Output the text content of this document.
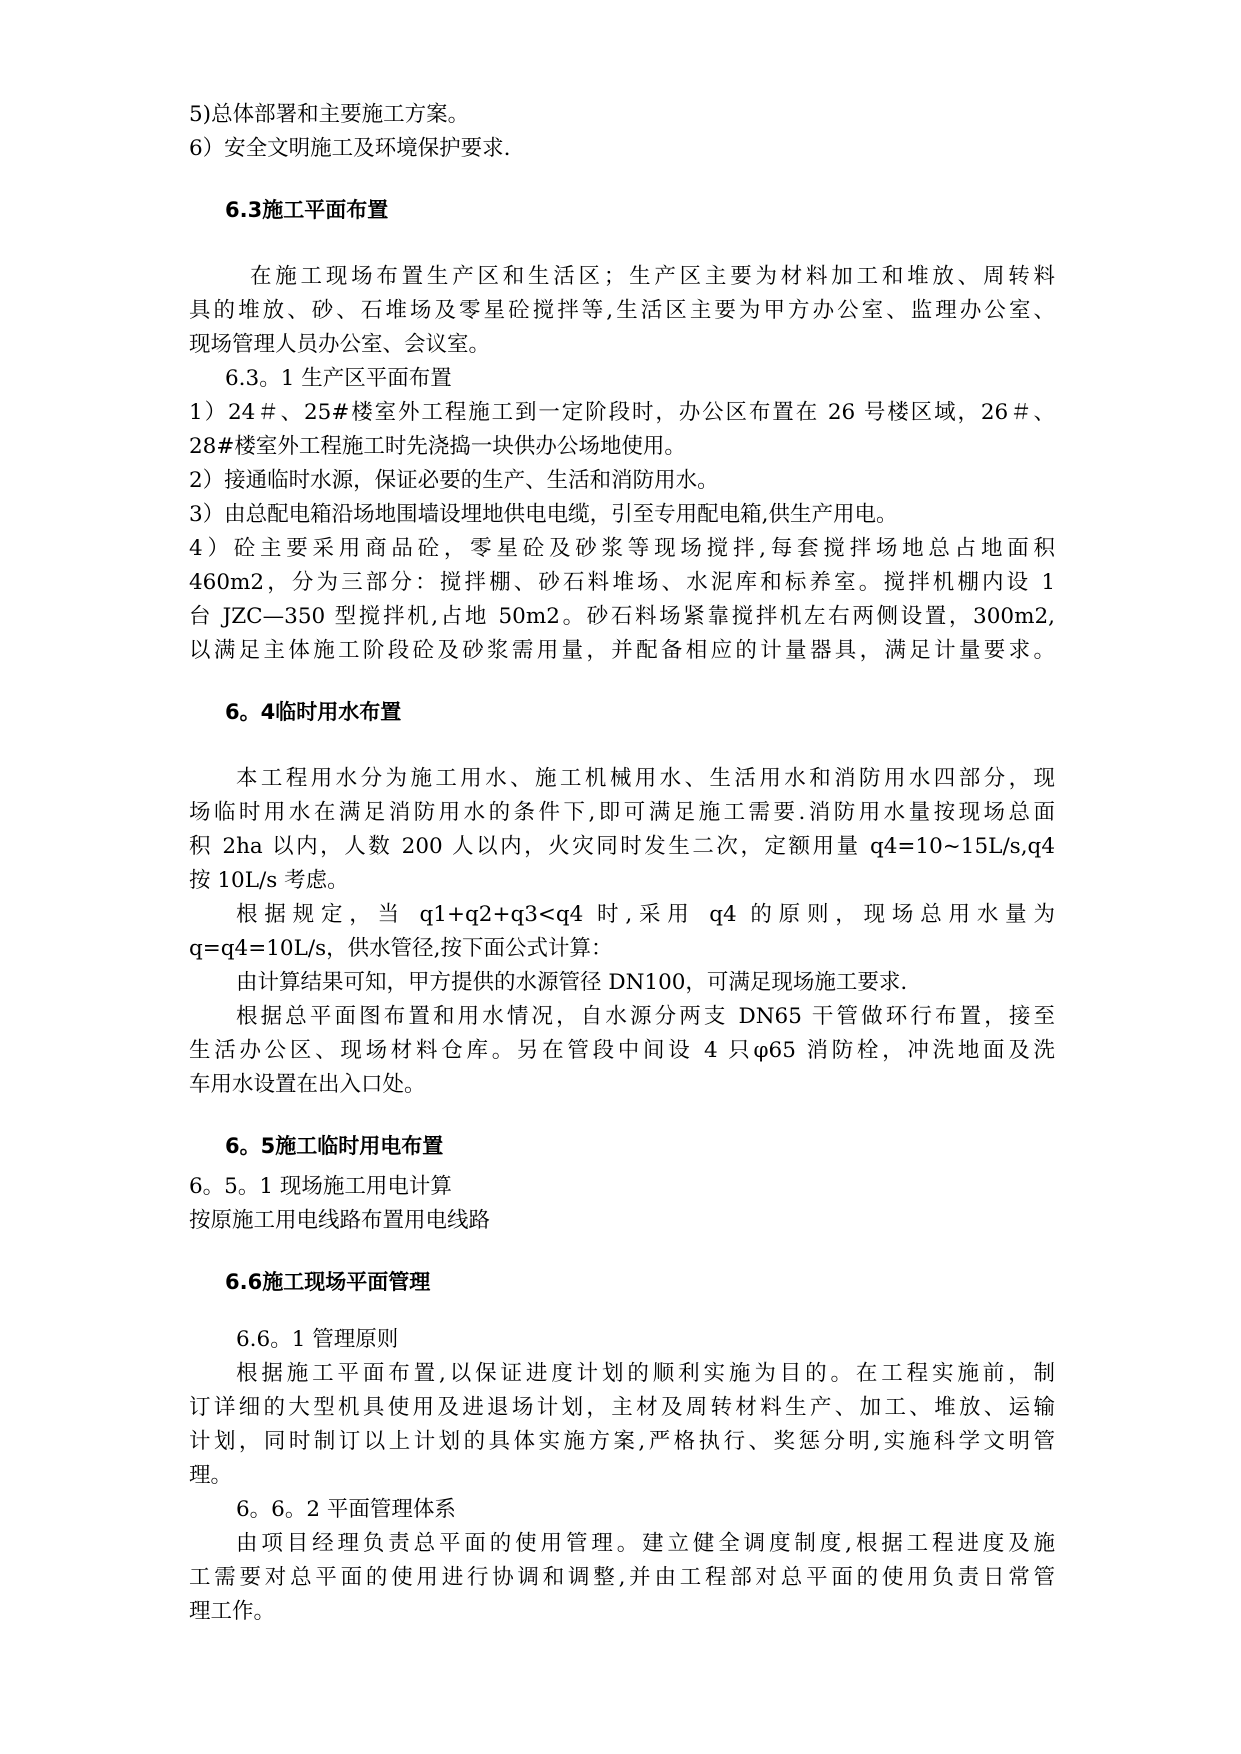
5)总体部署和主要施工方案。
6）安全文明施工及环境保护要求.
6.3施工平面布置
在施工现场布置生产区和生活区；生产区主要为材料加工和堆放、周转料
具的堆放、砂、石堆场及零星砼搅拌等,生活区主要为甲方办公室、监理办公室、
现场管理人员办公室、会议室。
6.3。1 生产区平面布置
1）24＃、25#楼室外工程施工到一定阶段时，办公区布置在 26 号楼区域，26＃、
28#楼室外工程施工时先浇捣一块供办公场地使用。
2）接通临时水源，保证必要的生产、生活和消防用水。
3）由总配电箱沿场地围墙设埋地供电电缆，引至专用配电箱,供生产用电。
4）砼主要采用商品砼，零星砼及砂浆等现场搅拌,每套搅拌场地总占地面积
460m2，分为三部分：搅拌棚、砂石料堆场、水泥库和标养室。搅拌机棚内设 1
台 JZC—350 型搅拌机,占地 50m2。砂石料场紧靠搅拌机左右两侧设置，300m2,
以满足主体施工阶段砼及砂浆需用量，并配备相应的计量器具，满足计量要求。
6。4临时用水布置
本工程用水分为施工用水、施工机械用水、生活用水和消防用水四部分，现
场临时用水在满足消防用水的条件下,即可满足施工需要.消防用水量按现场总面
积 2ha 以内，人数 200 人以内，火灾同时发生二次，定额用量 q4=10~15L/s,q4
按 10L/s 考虑。
根据规定，当 q1+q2+q3<q4 时,采用 q4 的原则，现场总用水量为
q=q4=10L/s，供水管径,按下面公式计算：
由计算结果可知，甲方提供的水源管径 DN100，可满足现场施工要求.
根据总平面图布置和用水情况，自水源分两支 DN65 干管做环行布置，接至
生活办公区、现场材料仓库。另在管段中间设 4 只φ65 消防栓，冲洗地面及洗
车用水设置在出入口处。
6。5施工临时用电布置
6。5。1 现场施工用电计算
按原施工用电线路布置用电线路
6.6施工现场平面管理
6.6。1 管理原则
根据施工平面布置,以保证进度计划的顺利实施为目的。在工程实施前，制
订详细的大型机具使用及进退场计划，主材及周转材料生产、加工、堆放、运输
计划，同时制订以上计划的具体实施方案,严格执行、奖惩分明,实施科学文明管
理。
6。6。2 平面管理体系
由项目经理负责总平面的使用管理。建立健全调度制度,根据工程进度及施
工需要对总平面的使用进行协调和调整,并由工程部对总平面的使用负责日常管
理工作。
